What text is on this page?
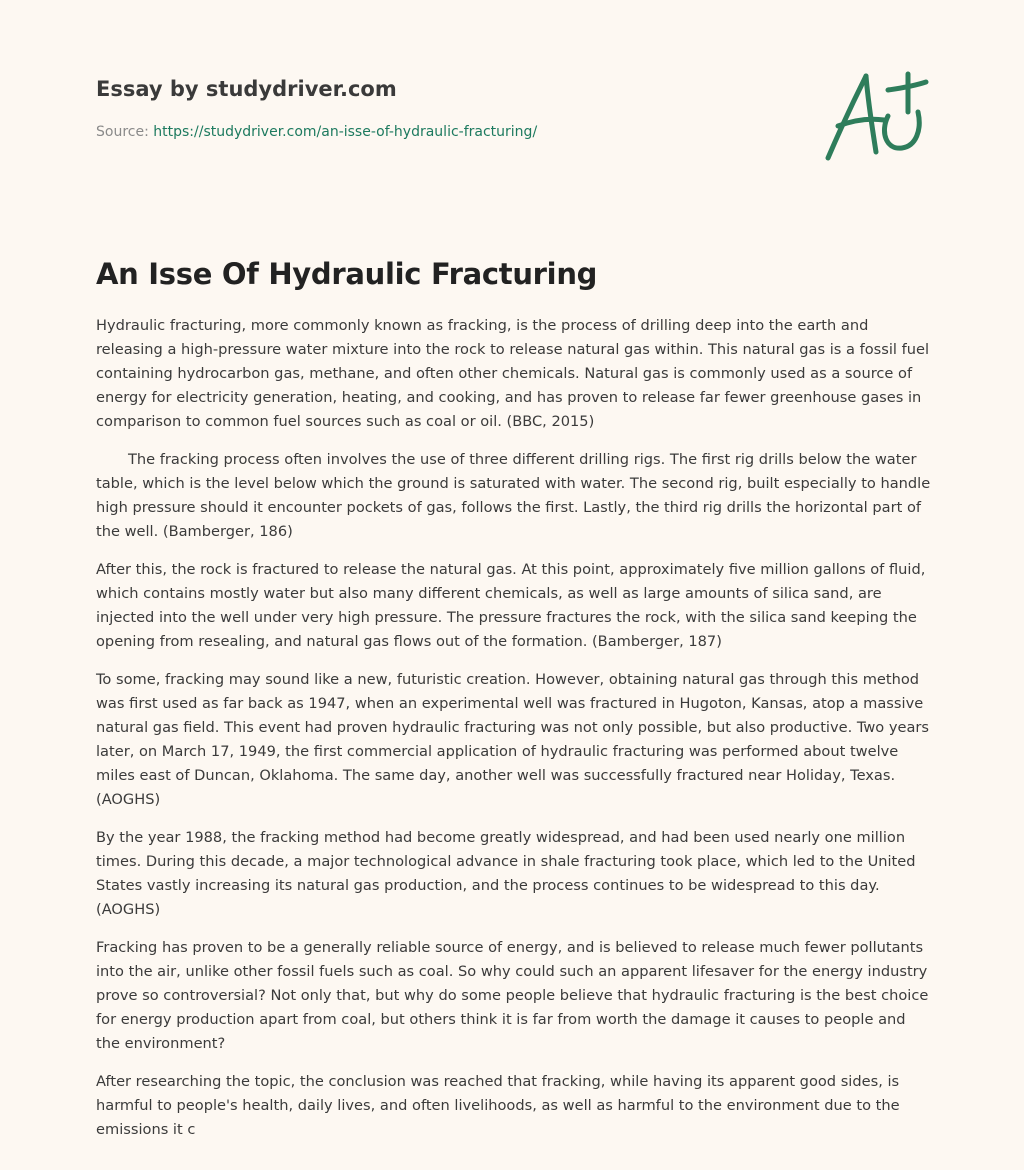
Essay by studydriver.com
Source: https://studydriver.com/an-isse-of-hydraulic-fracturing/
An Isse Of Hydraulic Fracturing

Hydraulic fracturing, more commonly known as fracking, is the process of drilling deep into the earth and releasing a high-pressure water mixture into the rock to release natural gas within. This natural gas is a fossil fuel containing hydrocarbon gas, methane, and often other chemicals. Natural gas is commonly used as a source of energy for electricity generation, heating, and cooking, and has proven to release far fewer greenhouse gases in comparison to common fuel sources such as coal or oil. (BBC, 2015)

The fracking process often involves the use of three different drilling rigs. The first rig drills below the water table, which is the level below which the ground is saturated with water. The second rig, built especially to handle high pressure should it encounter pockets of gas, follows the first. Lastly, the third rig drills the horizontal part of the well. (Bamberger, 186)

After this, the rock is fractured to release the natural gas. At this point, approximately five million gallons of fluid, which contains mostly water but also many different chemicals, as well as large amounts of silica sand, are injected into the well under very high pressure. The pressure fractures the rock, with the silica sand keeping the opening from resealing, and natural gas flows out of the formation. (Bamberger, 187)

To some, fracking may sound like a new, futuristic creation. However, obtaining natural gas through this method was first used as far back as 1947, when an experimental well was fractured in Hugoton, Kansas, atop a massive natural gas field. This event had proven hydraulic fracturing was not only possible, but also productive. Two years later, on March 17, 1949, the first commercial application of hydraulic fracturing was performed about twelve miles east of Duncan, Oklahoma. The same day, another well was successfully fractured near Holiday, Texas. (AOGHS)

By the year 1988, the fracking method had become greatly widespread, and had been used nearly one million times. During this decade, a major technological advance in shale fracturing took place, which led to the United States vastly increasing its natural gas production, and the process continues to be widespread to this day. (AOGHS)

Fracking has proven to be a generally reliable source of energy, and is believed to release much fewer pollutants into the air, unlike other fossil fuels such as coal. So why could such an apparent lifesaver for the energy industry prove so controversial? Not only that, but why do some people believe that hydraulic fracturing is the best choice for energy production apart from coal, but others think it is far from worth the damage it causes to people and the environment?

After researching the topic, the conclusion was reached that fracking, while having its apparent good sides, is harmful to people's health, daily lives, and often livelihoods, as well as harmful to the environment due to the emissions it c
